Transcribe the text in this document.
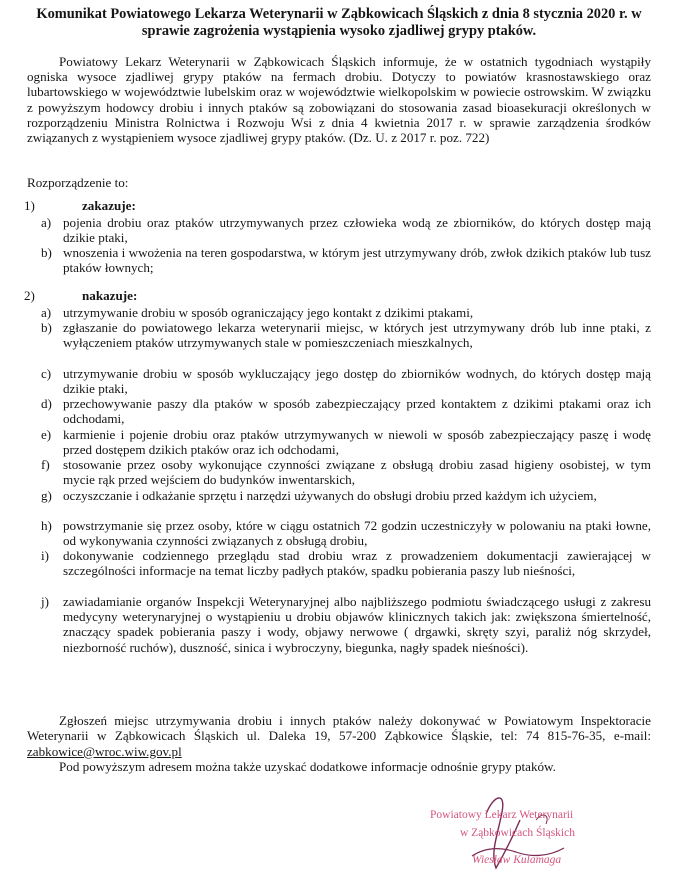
Komunikat Powiatowego Lekarza Weterynarii w Ząbkowicach Śląskich z dnia 8 stycznia 2020 r. w sprawie zagrożenia wystąpienia wysoko zjadliwej grypy ptaków.
Powiatowy Lekarz Weterynarii w Ząbkowicach Śląskich informuje, że w ostatnich tygodniach wystąpiły ogniska wysocе zjadliwej grypy ptaków na fermach drobiu. Dotyczy to powiatów krasnostawskiego oraz lubartowskiego w województwie lubelskim oraz w województwie wielkopolskim w powiecie ostrowskim. W związku z powyższym hodowcy drobiu i innych ptaków są zobowiązani do stosowania zasad bioasekuracji określonych w rozporządzeniu Ministra Rolnictwa i Rozwoju Wsi z dnia 4 kwietnia 2017 r. w sprawie zarządzenia środków związanych z wystąpieniem wysoce zjadliwej grypy ptaków. (Dz. U. z 2017 r. poz. 722)
Rozporządzenie to:
1)	zakazuje:
a) pojenia drobiu oraz ptaków utrzymywanych przez człowieka wodą ze zbiorników, do których dostęp mają dzikie ptaki,
b) wnoszenia i wwożenia na teren gospodarstwa, w którym jest utrzymywany drób, zwłok dzikich ptaków lub tusz ptaków łownych;
2)	nakazuje:
a) utrzymywanie drobiu w sposób ograniczający jego kontakt z dzikimi ptakami,
b) zgłaszanie do powiatowego lekarza weterynarii miejsc, w których jest utrzymywany drób lub inne ptaki, z wyłączeniem ptaków utrzymywanych stale w pomieszczeniach mieszkalnych,
c) utrzymywanie drobiu w sposób wykluczający jego dostęp do zbiorników wodnych, do których dostęp mają dzikie ptaki,
d) przechowywanie paszy dla ptaków w sposób zabezpieczający przed kontaktem z dzikimi ptakami oraz ich odchodami,
e) karmienie i pojenie drobiu oraz ptaków utrzymywanych w niewoli w sposób zabezpieczający paszę i wodę przed dostępem dzikich ptaków oraz ich odchodami,
f) stosowanie przez osoby wykonujące czynności związane z obsługą drobiu zasad higieny osobistej, w tym mycie rąk przed wejściem do budynków inwentarskich,
g) oczyszczanie i odkażanie sprzętu i narzędzi używanych do obsługi drobiu przed każdym ich użyciem,
h) powstrzymanie się przez osoby, które w ciągu ostatnich 72 godzin uczestniczyły w polowaniu na ptaki łowne, od wykonywania czynności związanych z obsługą drobiu,
i) dokonywanie codziennego przeglądu stad drobiu wraz z prowadzeniem dokumentacji zawierającej w szczególności informacje na temat liczby padłych ptaków, spadku pobierania paszy lub nieśności,
j) zawiadamianie organów Inspekcji Weterynaryjnej albo najbliższego podmiotu świadczącego usługi z zakresu medycyny weterynaryjnej o wystąpieniu u drobiu objawów klinicznych takich jak: zwiększona śmiertelność, znaczący spadek pobierania paszy i wody, objawy nerwowe ( drgawki, skręty szyi, paraliż nóg skrzydeł, niezborność ruchów), duszność, sinica i wybroczyny, biegunka, nagły spadek nieśności).
Zgłoszeń miejsc utrzymywania drobiu i innych ptaków należy dokonywać w Powiatowym Inspektoracie Weterynarii w Ząbkowicach Śląskich ul. Daleka 19, 57-200 Ząbkowice Śląskie, tel: 74 815-76-35, e-mail: zabkowice@wroc.wiw.gov.pl
Pod powyższym adresem można także uzyskać dodatkowe informacje odnośnie grypy ptaków.
Powiatowy Lekarz Weterynarii
w Ząbkowicach Śląskich
Wiesław Kulamaga
